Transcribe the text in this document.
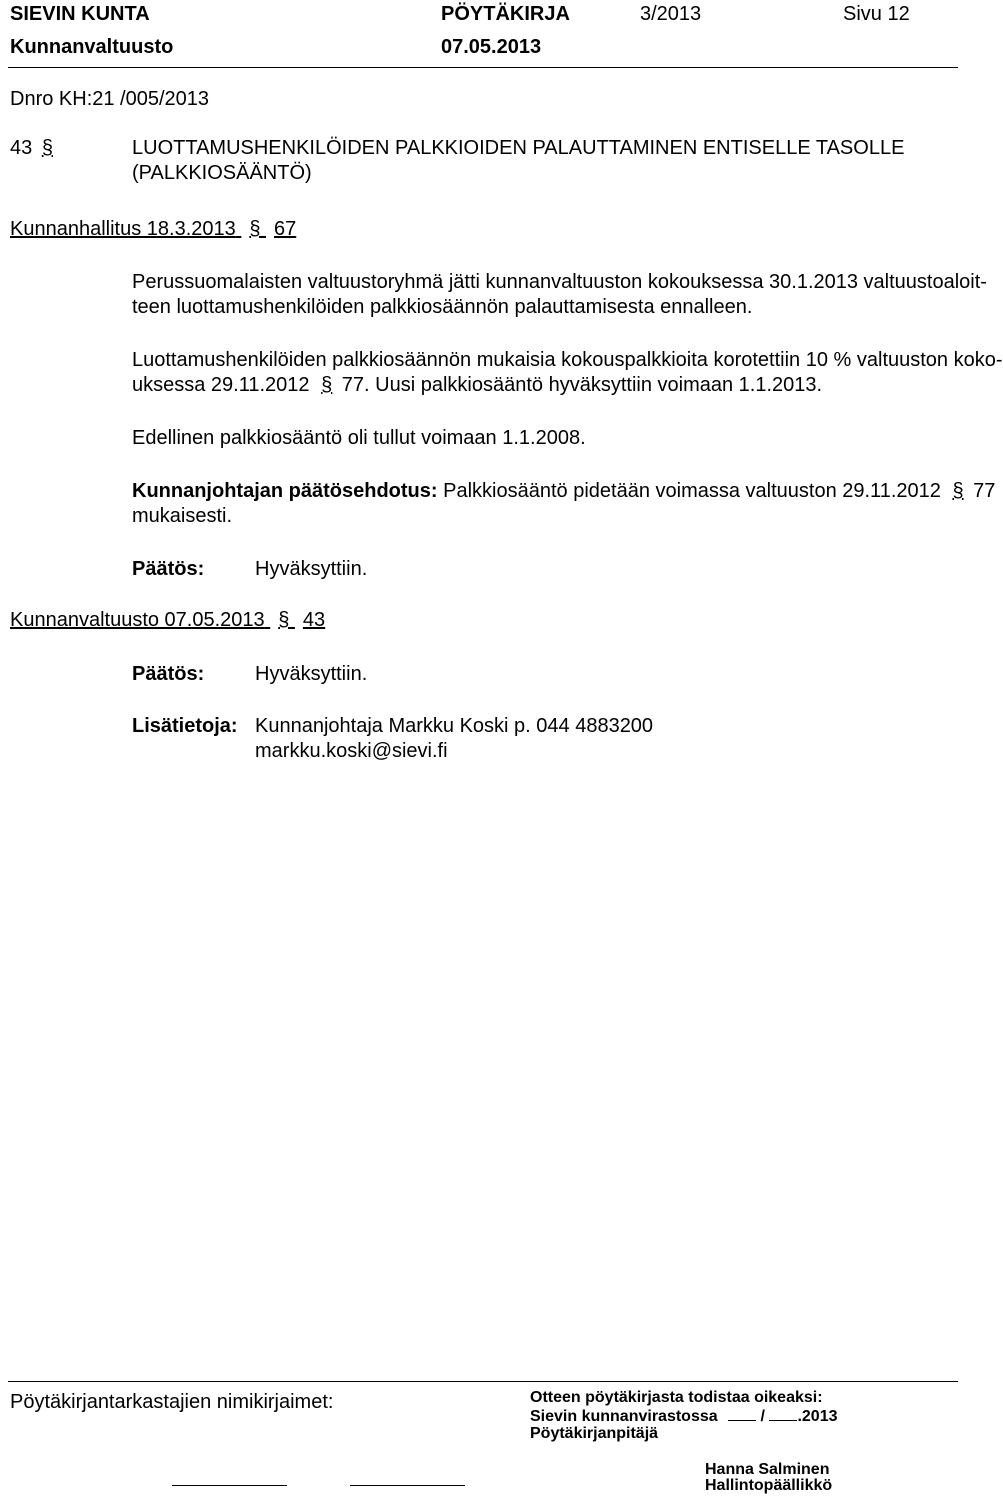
SIEVIN KUNTA	PÖYTÄKIRJA	3/2013	Sivu 12
Kunnanvaltuusto	07.05.2013
Dnro KH:21 /005/2013
43 §	LUOTTAMUSHENKILÖIDEN PALKKIOIDEN PALAUTTAMINEN ENTISELLE TASOLLE
(PALKKIOSÄÄNTÖ)
Kunnanhallitus 18.3.2013 § 67
Perussuomalaisten valtuustoryhmä jätti kunnanvaltuuston kokouksessa 30.1.2013 valtuustoaloit-
teen luottamushenkilöiden palkkiosäännön palauttamisesta ennalleen.
Luottamushenkilöiden palkkiosäännön mukaisia kokouspalkkioita korotettiin 10 % valtuuston koko-
uksessa 29.11.2012 § 77. Uusi palkkiosääntö hyväksyttiin voimaan 1.1.2013.
Edellinen palkkiosääntö oli tullut voimaan 1.1.2008.
Kunnanjohtajan päätösehdotus: Palkkiosääntö pidetään voimassa valtuuston 29.11.2012 § 77
mukaisesti.
Päätös:	Hyväksyttiin.
Kunnanvaltuusto 07.05.2013 § 43
Päätös:	Hyväksyttiin.
Lisätietoja: Kunnanjohtaja Markku Koski p. 044 4883200
markku.koski@sievi.fi
Pöytäkirjantarkastajien nimikirjaimet:	Otteen pöytäkirjasta todistaa oikeaksi:
Sievin kunnanvirastossa	/ .2013
Pöytäkirjanpitäjä
Hanna Salminen
Hallintopäällikkö
